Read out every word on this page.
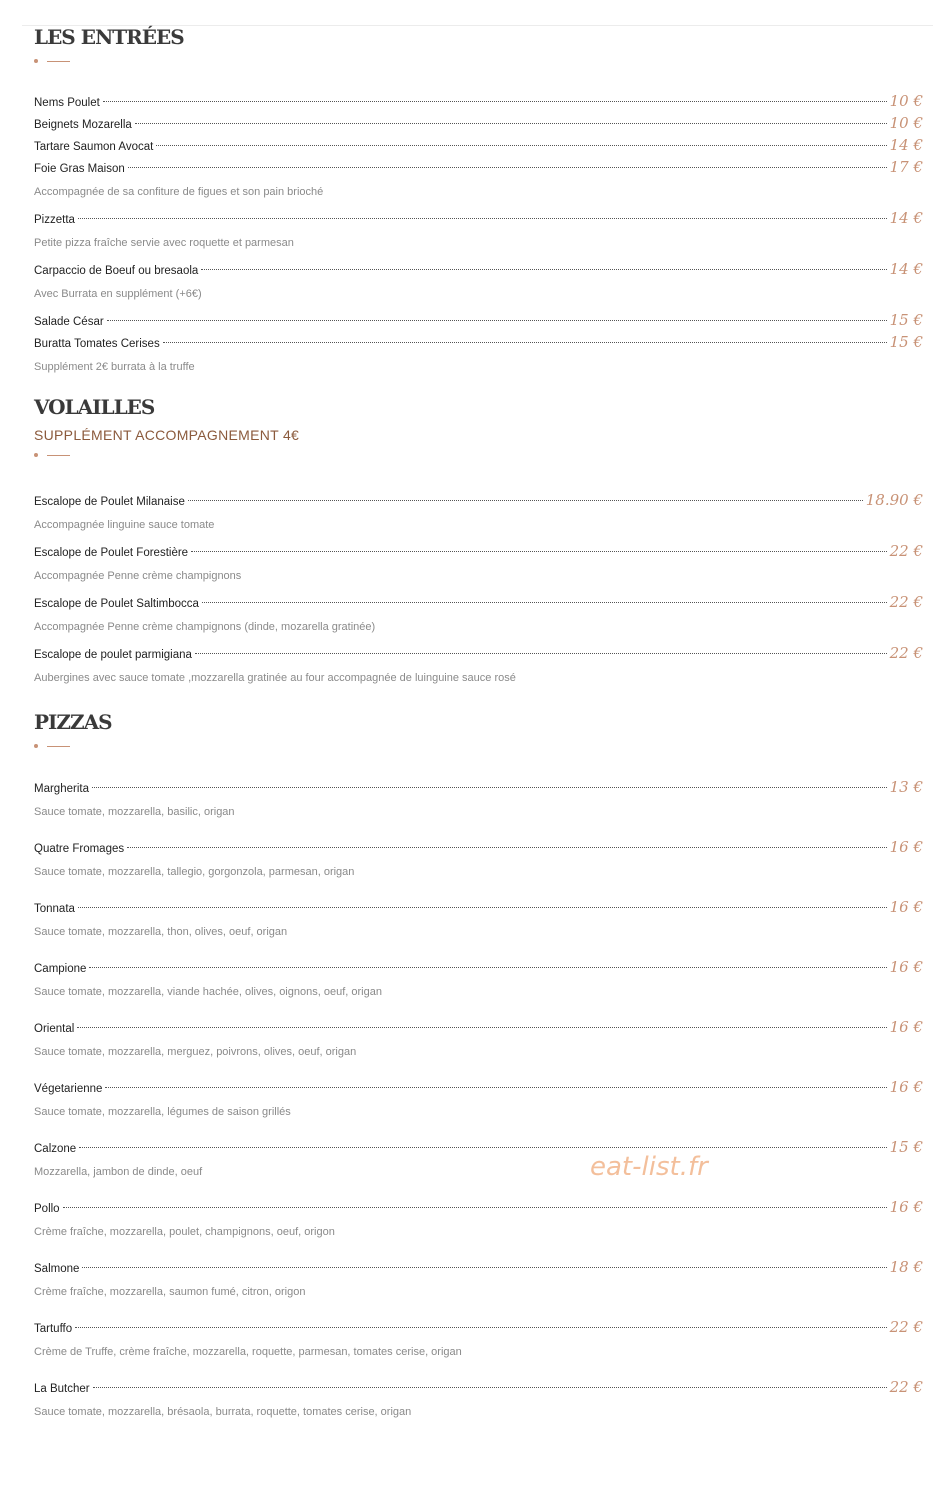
LES ENTRÉES
Nems Poulet	10 €
Beignets Mozarella	10 €
Tartare Saumon Avocat	14 €
Foie Gras Maison	17 €
Accompagnée de sa confiture de figues et son pain brioché
Pizzetta	14 €
Petite pizza fraîche servie avec roquette et parmesan
Carpaccio de Boeuf ou bresaola	14 €
Avec Burrata en supplément (+6€)
Salade César	15 €
Buratta Tomates Cerises	15 €
Supplément 2€ burrata à la truffe
VOLAILLES
SUPPLÉMENT ACCOMPAGNEMENT 4€
Escalope de Poulet Milanaise	18.90 €
Accompagnée linguine sauce tomate
Escalope de Poulet Forestière	22 €
Accompagnée Penne crème champignons
Escalope de Poulet Saltimbocca	22 €
Accompagnée Penne crème champignons (dinde, mozarella gratinée)
Escalope de poulet parmigiana	22 €
Aubergines avec sauce tomate ,mozzarella gratinée au four accompagnée de luinguine sauce rosé
PIZZAS
Margherita	13 €
Sauce tomate, mozzarella, basilic, origan
Quatre Fromages	16 €
Sauce tomate, mozzarella, tallegio, gorgonzola, parmesan, origan
Tonnata	16 €
Sauce tomate, mozzarella, thon, olives, oeuf, origan
Campione	16 €
Sauce tomate, mozzarella, viande hachée, olives, oignons, oeuf, origan
Oriental	16 €
Sauce tomate, mozzarella, merguez, poivrons, olives, oeuf, origan
Végetarienne	16 €
Sauce tomate, mozzarella, légumes de saison grillés
Calzone	15 €
Mozzarella, jambon de dinde, oeuf
Pollo	16 €
Crème fraîche, mozzarella, poulet, champignons, oeuf, origon
Salmone	18 €
Crème fraîche, mozzarella, saumon fumé, citron, origon
Tartuffo	22 €
Crème de Truffe, crème fraîche, mozzarella, roquette, parmesan, tomates cerise, origan
La Butcher	22 €
Sauce tomate, mozzarella, brésaola, burrata, roquette, tomates cerise, origan
eat-list.fr
